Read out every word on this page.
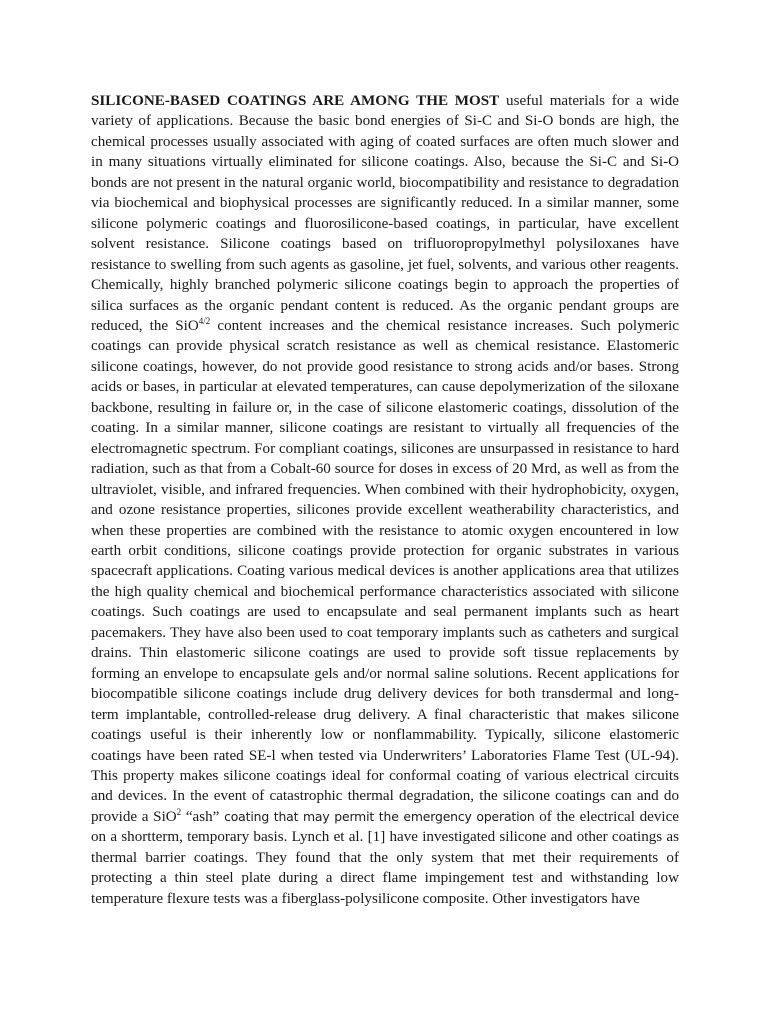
SILICONE-BASED COATINGS ARE AMONG THE MOST useful materials for a wide variety of applications. Because the basic bond energies of Si-C and Si-O bonds are high, the chemical processes usually associated with aging of coated surfaces are often much slower and in many situations virtually eliminated for silicone coatings. Also, because the Si-C and Si-O bonds are not present in the natural organic world, biocompatibility and resistance to degradation via biochemical and biophysical processes are significantly reduced. In a similar manner, some silicone polymeric coatings and fluorosilicone-based coatings, in particular, have excellent solvent resistance. Silicone coatings based on trifluoropropylmethyl polysiloxanes have resistance to swelling from such agents as gasoline, jet fuel, solvents, and various other reagents. Chemically, highly branched polymeric silicone coatings begin to approach the properties of silica surfaces as the organic pendant content is reduced. As the organic pendant groups are reduced, the SiO$^{4/2}$ content increases and the chemical resistance increases. Such polymeric coatings can provide physical scratch resistance as well as chemical resistance. Elastomeric silicone coatings, however, do not provide good resistance to strong acids and/or bases. Strong acids or bases, in particular at elevated temperatures, can cause depolymerization of the siloxane backbone, resulting in failure or, in the case of silicone elastomeric coatings, dissolution of the coating. In a similar manner, silicone coatings are resistant to virtually all frequencies of the electromagnetic spectrum. For compliant coatings, silicones are unsurpassed in resistance to hard radiation, such as that from a Cobalt-60 source for doses in excess of 20 Mrd, as well as from the ultraviolet, visible, and infrared frequencies. When combined with their hydrophobicity, oxygen, and ozone resistance properties, silicones provide excellent weatherability characteristics, and when these properties are combined with the resistance to atomic oxygen encountered in low earth orbit conditions, silicone coatings provide protection for organic substrates in various spacecraft applications. Coating various medical devices is another applications area that utilizes the high quality chemical and biochemical performance characteristics associated with silicone coatings. Such coatings are used to encapsulate and seal permanent implants such as heart pacemakers. They have also been used to coat temporary implants such as catheters and surgical drains. Thin elastomeric silicone coatings are used to provide soft tissue replacements by forming an envelope to encapsulate gels and/or normal saline solutions. Recent applications for biocompatible silicone coatings include drug delivery devices for both transdermal and long-term implantable, controlled-release drug delivery. A final characteristic that makes silicone coatings useful is their inherently low or nonflammability. Typically, silicone elastomeric coatings have been rated SE-l when tested via Underwriters’ Laboratories Flame Test (UL-94). This property makes silicone coatings ideal for conformal coating of various electrical circuits and devices. In the event of catastrophic thermal degradation, the silicone coatings can and do provide a SiO$^2$ “ash” coating that may permit the emergency operation of the electrical device on a shortterm, temporary basis. Lynch et al. [1] have investigated silicone and other coatings as thermal barrier coatings. They found that the only system that met their requirements of protecting a thin steel plate during a direct flame impingement test and withstanding low temperature flexure tests was a fiberglass-polysilicone composite. Other investigators have
